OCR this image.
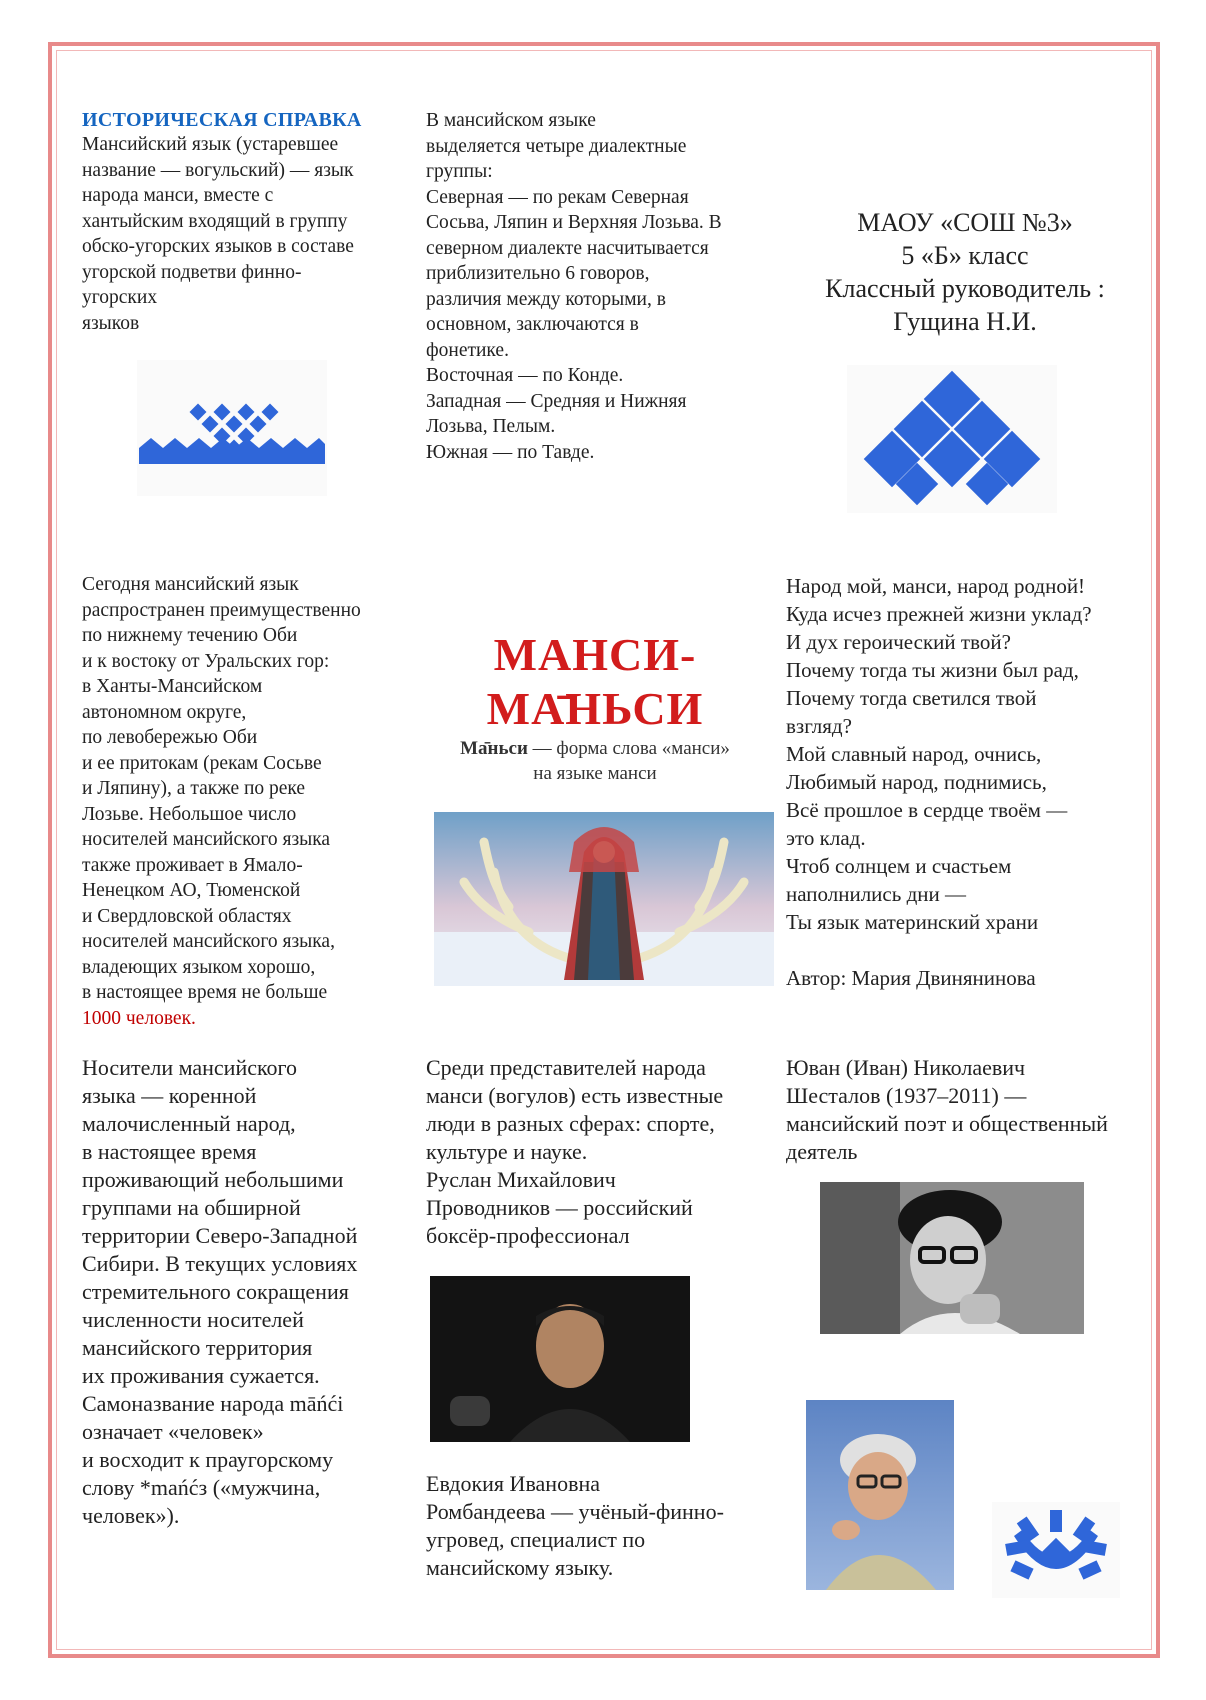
ИСТОРИЧЕСКАЯ СПРАВКА

Мансийский язык (устаревшее
название — вогульский) — язык
народа манси, вместе с
хантыйским входящий в группу
обско-угорских языков в составе
угорской подветви финно-
угорских
языков

В мансийском языке
выделяется четыре диалектные
группы:
Северная — по рекам Северная
Сосьва, Ляпин и Верхняя Лозьва. В
северном диалекте насчитывается
приблизительно 6 говоров,
различия между которыми, в
основном, заключаются в
фонетике.
Восточная — по Конде.
Западная — Средняя и Нижняя
Лозьва, Пелым.
Южная — по Тавде.

МАОУ «СОШ №3»

5 «Б» класс

Классный руководитель :

Гущина Н.И.

Сегодня мансийский язык
распространен преимущественно
по нижнему течению Оби
и к востоку от Уральских гор:
в Ханты-Мансийском
автономном округе,
по левобережью Оби
и ее притокам (рекам Сосьве
и Ляпину), а также по реке
Лозьве. Небольшое число
носителей мансийского языка
также проживает в Ямало-
Ненецком АО, Тюменской
и Свердловской областях
носителей мансийского языка,
владеющих языком хорошо,
в настоящее время не больше

1000 человек.

МАНСИ-

МА̄НЬСИ

Ма̄ньси — форма слова «манси»

на языке манси

Народ мой, манси, народ родной!
Куда исчез прежней жизни уклад?
И дух героический твой?
Почему тогда ты жизни был рад,
Почему тогда светился твой
взгляд?
Мой славный народ, очнись,
Любимый народ, поднимись,
Всё прошлое в сердце твоём —
это клад.
Чтоб солнцем и счастьем
наполнились дни —
Ты язык материнский храни

Автор: Мария Двинянинова

Носители мансийского
языка — коренной
малочисленный народ,
в настоящее время
проживающий небольшими
группами на обширной
территории Северо-Западной
Сибири. В текущих условиях
стремительного сокращения
численности носителей
мансийского территория
их проживания сужается.
Самоназвание народа māńćі
означает «человек»
и восходит к праугорскому
слову *mańćз («мужчина,
человек»).

Среди представителей народа
манси (вогулов) есть известные
люди в разных сферах: спорте,
культуре и науке.
Руслан Михайлович
Проводников — российский
боксёр-профессионал

Евдокия Ивановна
Ромбандеева — учёный-финно-
угровед, специалист по
мансийскому языку.

Юван (Иван) Николаевич
Шесталов (1937–2011) —
мансийский поэт и общественный
деятель
